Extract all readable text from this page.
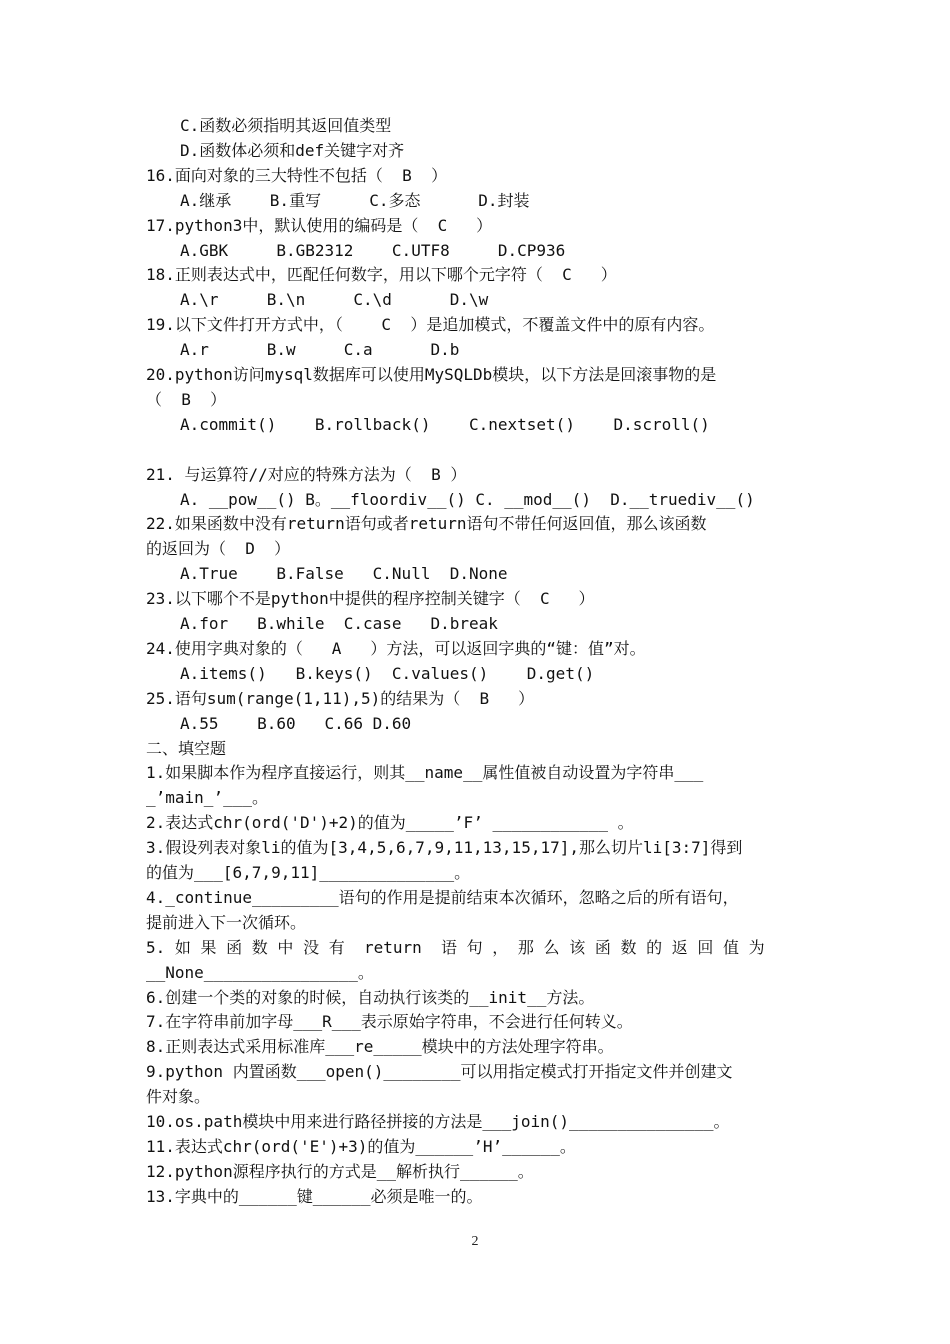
C.函数必须指明其返回值类型
D.函数体必须和def关键字对齐
16.面向对象的三大特性不包括（  B  ）
A.继承    B.重写     C.多态      D.封装
17.python3中，默认使用的编码是（  C   ）
A.GBK     B.GB2312    C.UTF8     D.CP936
18.正则表达式中，匹配任何数字，用以下哪个元字符（  C   ）
A.\r     B.\n     C.\d      D.\w
19.以下文件打开方式中，（    C  ）是追加模式，不覆盖文件中的原有内容。
A.r      B.w     C.a      D.b
20.python访问mysql数据库可以使用MySQLDb模块，以下方法是回滚事物的是
（  B  ）
A.commit()    B.rollback()    C.nextset()    D.scroll()
21. 与运算符//对应的特殊方法为（  B ）
A. __pow__() B。__floordiv__() C. __mod__()  D.__truediv__()
22.如果函数中没有return语句或者return语句不带任何返回值，那么该函数
的返回为（  D  ）
A.True    B.False   C.Null  D.None
23.以下哪个不是python中提供的程序控制关键字（  C   ）
A.for   B.while  C.case   D.break
24.使用字典对象的（   A   ）方法，可以返回字典的“键：值”对。
A.items()   B.keys()  C.values()    D.get()
25.语句sum(range(1,11),5)的结果为（  B   ）
A.55    B.60   C.66 D.60
二、填空题
1.如果脚本作为程序直接运行，则其__name__属性值被自动设置为字符串___
_’main_’___。
2.表达式chr(ord('D')+2)的值为_____’F’ ____________ 。
3.假设列表对象li的值为[3,4,5,6,7,9,11,13,15,17],那么切片li[3:7]得到
的值为___[6,7,9,11]______________。
4._continue_________语句的作用是提前结束本次循环，忽略之后的所有语句，
提前进入下一次循环。
5. 如 果 函 数 中 没 有  return  语 句 ， 那 么 该 函 数 的 返 回 值 为
__None________________。
6.创建一个类的对象的时候，自动执行该类的__init__方法。
7.在字符串前加字母___R___表示原始字符串，不会进行任何转义。
8.正则表达式采用标准库___re_____模块中的方法处理字符串。
9.python 内置函数___open()________可以用指定模式打开指定文件并创建文
件对象。
10.os.path模块中用来进行路径拼接的方法是___join()_______________。
11.表达式chr(ord('E')+3)的值为______’H’______。
12.python源程序执行的方式是__解析执行______。
13.字典中的______键______必须是唯一的。
2
